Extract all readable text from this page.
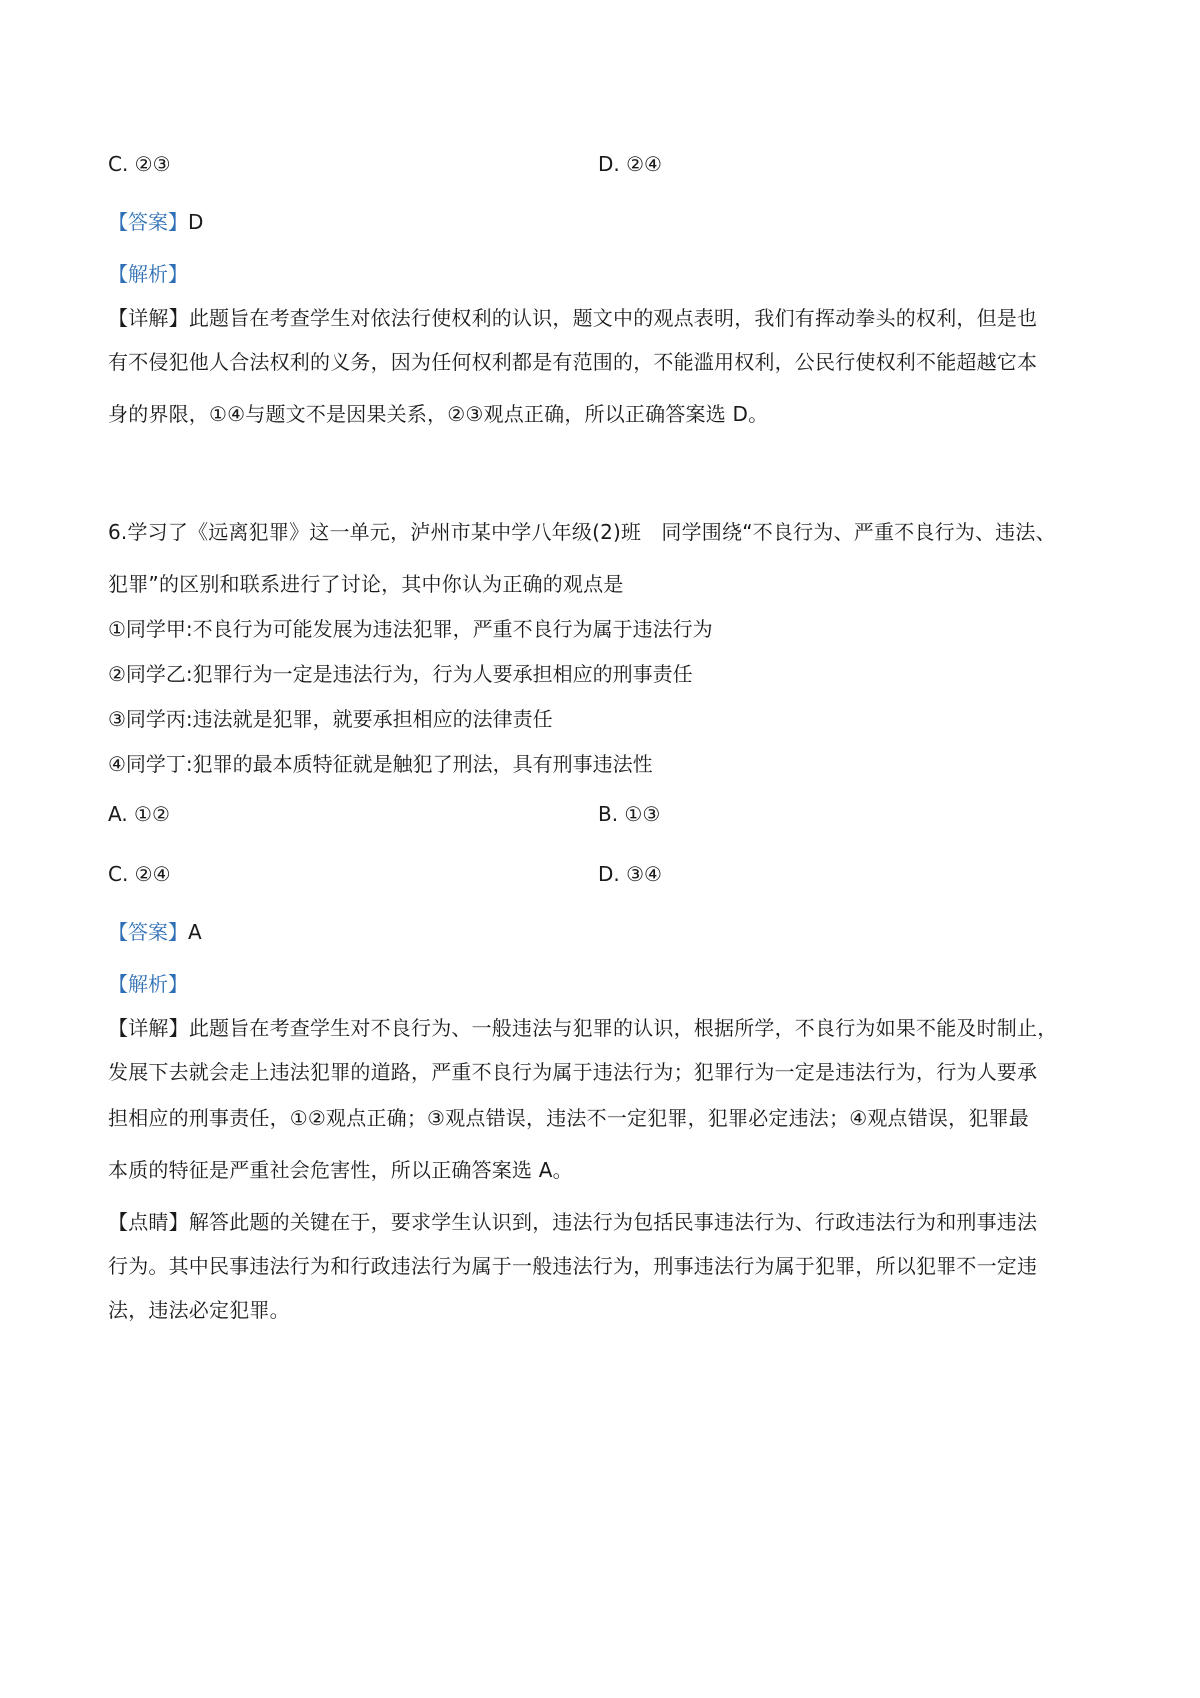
C. ②③	D. ②④
【答案】D
【解析】
【详解】此题旨在考查学生对依法行使权利的认识，题文中的观点表明，我们有挥动拳头的权利，但是也
有不侵犯他人合法权利的义务，因为任何权利都是有范围的，不能滥用权利，公民行使权利不能超越它本
身的界限，①④与题文不是因果关系，②③观点正确，所以正确答案选 D。
6.学习了《远离犯罪》这一单元，泸州市某中学八年级(2)班　同学围绕“不良行为、严重不良行为、违法、
犯罪”的区别和联系进行了讨论，其中你认为正确的观点是
①同学甲:不良行为可能发展为违法犯罪，严重不良行为属于违法行为
②同学乙:犯罪行为一定是违法行为，行为人要承担相应的刑事责任
③同学丙:违法就是犯罪，就要承担相应的法律责任
④同学丁:犯罪的最本质特征就是触犯了刑法，具有刑事违法性
A. ①②	B. ①③
C. ②④	D. ③④
【答案】A
【解析】
【详解】此题旨在考查学生对不良行为、一般违法与犯罪的认识，根据所学，不良行为如果不能及时制止，
发展下去就会走上违法犯罪的道路，严重不良行为属于违法行为；犯罪行为一定是违法行为，行为人要承
担相应的刑事责任，①②观点正确；③观点错误，违法不一定犯罪，犯罪必定违法；④观点错误，犯罪最
本质的特征是严重社会危害性，所以正确答案选 A。
【点睛】解答此题的关键在于，要求学生认识到，违法行为包括民事违法行为、行政违法行为和刑事违法
行为。其中民事违法行为和行政违法行为属于一般违法行为，刑事违法行为属于犯罪，所以犯罪不一定违
法，违法必定犯罪。
